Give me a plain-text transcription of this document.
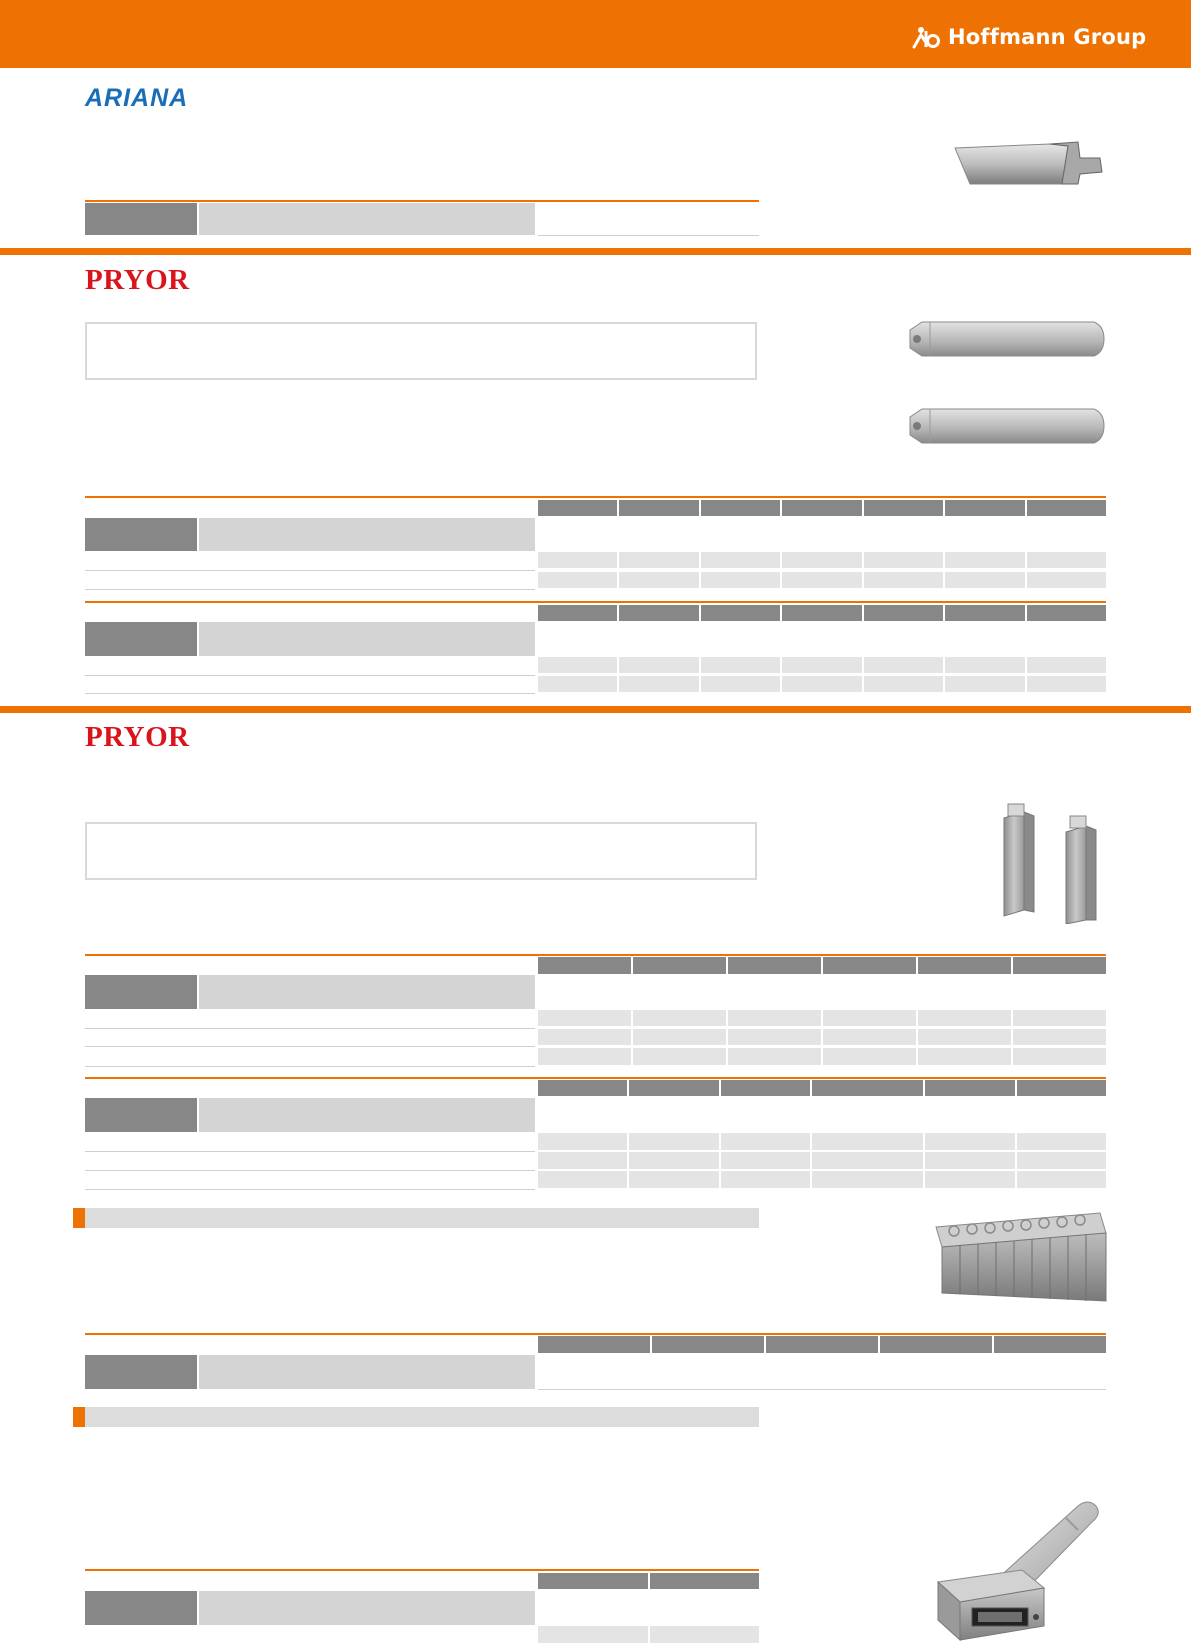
Hoffmann Group
ARIANA
PRYOR
PRYOR
